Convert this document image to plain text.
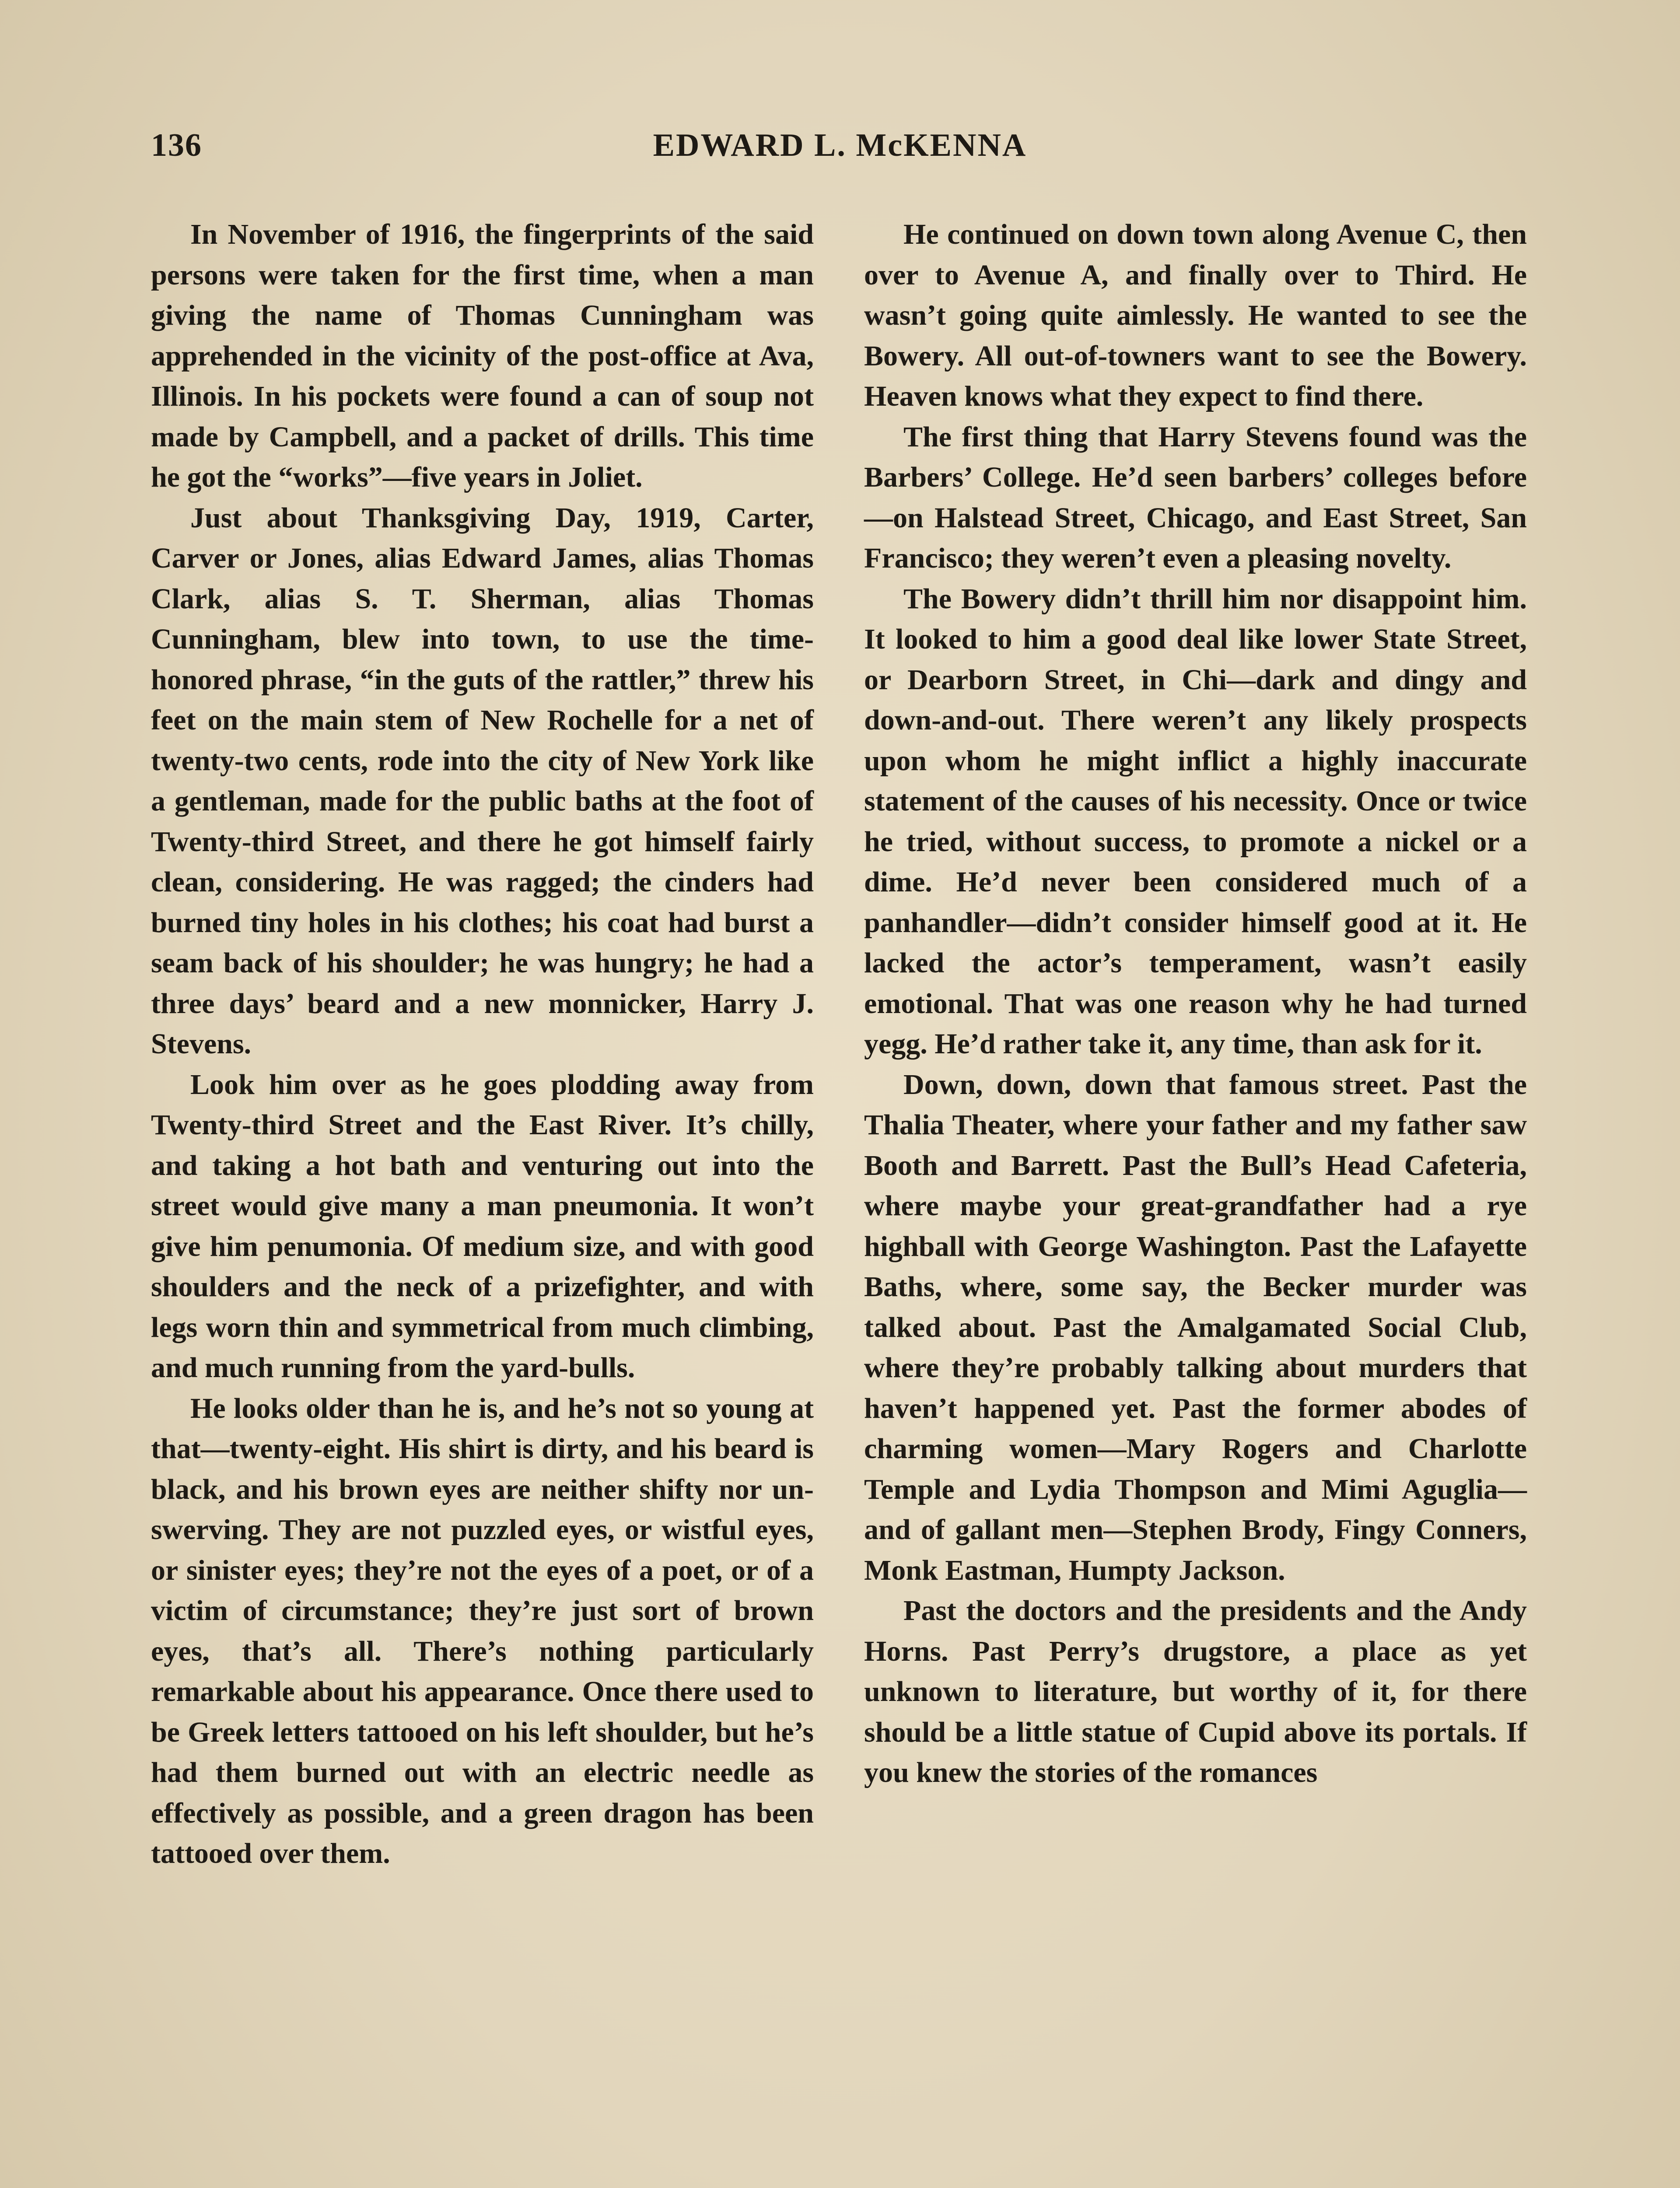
136	EDWARD L. McKENNA

In November of 1916, the fingerprints of the said persons were taken for the first time, when a man giving the name of Thomas Cunningham was apprehended in the vicinity of the post-office at Ava, Illinois. In his pockets were found a can of soup not made by Campbell, and a packet of drills. This time he got the “works”—five years in Joliet.

Just about Thanksgiving Day, 1919, Carter, Carver or Jones, alias Edward James, alias Thomas Clark, alias S. T. Sherman, alias Thomas Cunningham, blew into town, to use the time-honored phrase, “in the guts of the rattler,” threw his feet on the main stem of New Rochelle for a net of twenty-two cents, rode into the city of New York like a gentleman, made for the public baths at the foot of Twenty-third Street, and there he got himself fairly clean, considering. He was ragged; the cinders had burned tiny holes in his clothes; his coat had burst a seam back of his shoulder; he was hungry; he had a three days’ beard and a new monnicker, Harry J. Stevens.

Look him over as he goes plodding away from Twenty-third Street and the East River. It’s chilly, and taking a hot bath and venturing out into the street would give many a man pneumonia. It won’t give him penumonia. Of medium size, and with good shoulders and the neck of a prizefighter, and with legs worn thin and symmetrical from much climbing, and much running from the yard-bulls.

He looks older than he is, and he’s not so young at that—twenty-eight. His shirt is dirty, and his beard is black, and his brown eyes are neither shifty nor unswerving. They are not puzzled eyes, or wistful eyes, or sinister eyes; they’re not the eyes of a poet, or of a victim of circumstance; they’re just sort of brown eyes, that’s all. There’s nothing particularly remarkable about his appearance. Once there used to be Greek letters tattooed on his left shoulder, but he’s had them burned out with an electric needle as effectively as possible, and a green dragon has been tattooed over them.

He continued on down town along Avenue C, then over to Avenue A, and finally over to Third. He wasn’t going quite aimlessly. He wanted to see the Bowery. All out-of-towners want to see the Bowery. Heaven knows what they expect to find there.

The first thing that Harry Stevens found was the Barbers’ College. He’d seen barbers’ colleges before—on Halstead Street, Chicago, and East Street, San Francisco; they weren’t even a pleasing novelty.

The Bowery didn’t thrill him nor disappoint him. It looked to him a good deal like lower State Street, or Dearborn Street, in Chi—dark and dingy and down-and-out. There weren’t any likely prospects upon whom he might inflict a highly inaccurate statement of the causes of his necessity. Once or twice he tried, without success, to promote a nickel or a dime. He’d never been considered much of a panhandler—didn’t consider himself good at it. He lacked the actor’s temperament, wasn’t easily emotional. That was one reason why he had turned yegg. He’d rather take it, any time, than ask for it.

Down, down, down that famous street. Past the Thalia Theater, where your father and my father saw Booth and Barrett. Past the Bull’s Head Cafeteria, where maybe your great-grandfather had a rye highball with George Washington. Past the Lafayette Baths, where, some say, the Becker murder was talked about. Past the Amalgamated Social Club, where they’re probably talking about murders that haven’t happened yet. Past the former abodes of charming women—Mary Rogers and Charlotte Temple and Lydia Thompson and Mimi Aguglia—and of gallant men—Stephen Brody, Fingy Conners, Monk Eastman, Humpty Jackson.

Past the doctors and the presidents and the Andy Horns. Past Perry’s drugstore, a place as yet unknown to literature, but worthy of it, for there should be a little statue of Cupid above its portals. If you knew the stories of the romances
